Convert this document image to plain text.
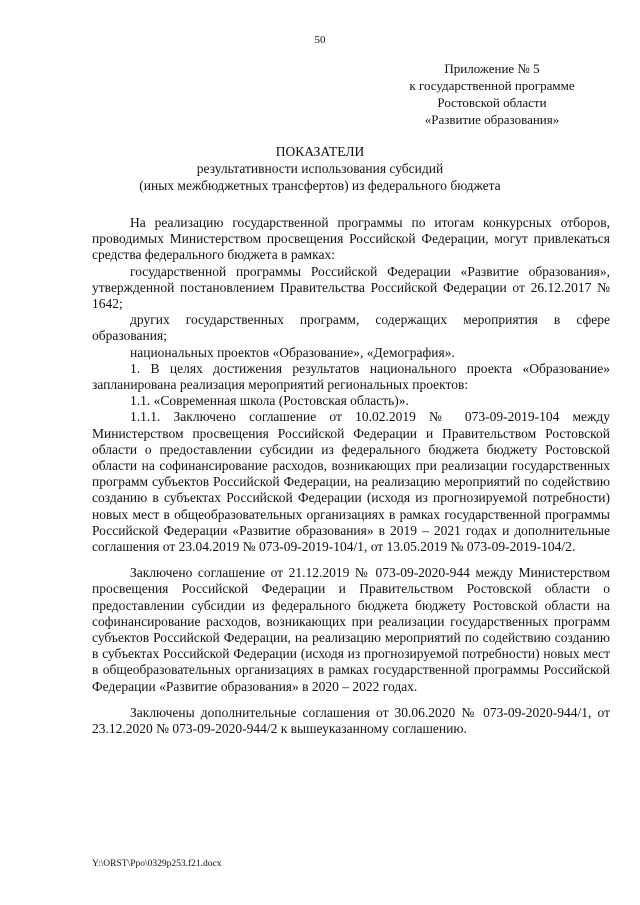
50
Приложение № 5
к государственной программе
Ростовской области
«Развитие образования»
ПОКАЗАТЕЛИ
результативности использования субсидий
(иных межбюджетных трансфертов) из федерального бюджета

На реализацию государственной программы по итогам конкурсных отборов, проводимых Министерством просвещения Российской Федерации, могут привлекаться средства федерального бюджета в рамках:

государственной программы Российской Федерации «Развитие образования», утвержденной постановлением Правительства Российской Федерации от 26.12.2017 № 1642;

других государственных программ, содержащих мероприятия в сфере образования;

национальных проектов «Образование», «Демография».

1. В целях достижения результатов национального проекта «Образование» запланирована реализация мероприятий региональных проектов:

1.1. «Современная школа (Ростовская область)».

1.1.1. Заключено соглашение от 10.02.2019 № 073-09-2019-104 между Министерством просвещения Российской Федерации и Правительством Ростовской области о предоставлении субсидии из федерального бюджета бюджету Ростовской области на софинансирование расходов, возникающих при реализации государственных программ субъектов Российской Федерации, на реализацию мероприятий по содействию созданию в субъектах Российской Федерации (исходя из прогнозируемой потребности) новых мест в общеобразовательных организациях в рамках государственной программы Российской Федерации «Развитие образования» в 2019 – 2021 годах и дополнительные соглашения от 23.04.2019 № 073-09-2019-104/1, от 13.05.2019 № 073-09-2019-104/2.

Заключено соглашение от 21.12.2019 № 073-09-2020-944 между Министерством просвещения Российской Федерации и Правительством Ростовской области о предоставлении субсидии из федерального бюджета бюджету Ростовской области на софинансирование расходов, возникающих при реализации государственных программ субъектов Российской Федерации, на реализацию мероприятий по содействию созданию в субъектах Российской Федерации (исходя из прогнозируемой потребности) новых мест в общеобразовательных организациях в рамках государственной программы Российской Федерации «Развитие образования» в 2020 – 2022 годах.

Заключены дополнительные соглашения от 30.06.2020 № 073-09-2020-944/1, от 23.12.2020 № 073-09-2020-944/2 к вышеуказанному соглашению.

Y:\ORST\Ppo\0329p253.f21.docx
